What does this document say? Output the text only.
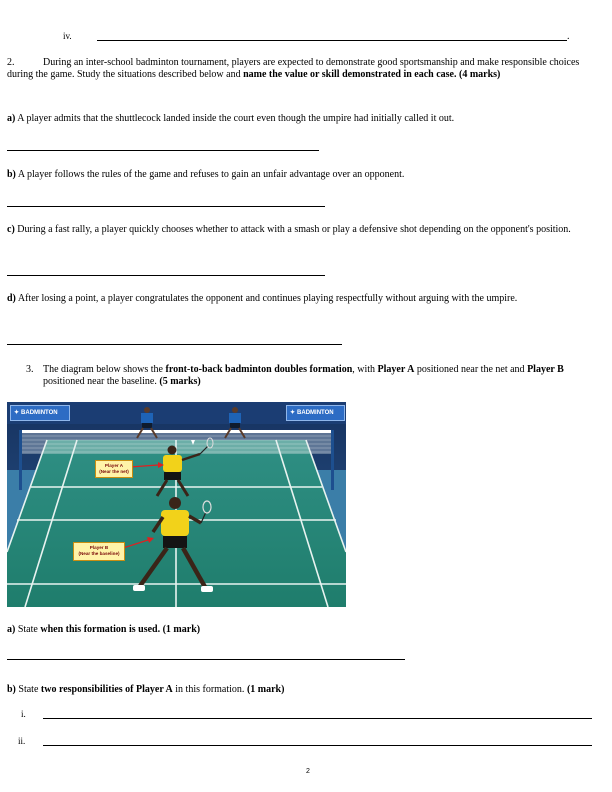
iv.	.
2.	During an inter-school badminton tournament, players are expected to demonstrate good sportsmanship and make responsible choices during the game. Study the situations described below and name the value or skill demonstrated in each case. (4 marks)
a) A player admits that the shuttlecock landed inside the court even though the umpire had initially called it out.
b) A player follows the rules of the game and refuses to gain an unfair advantage over an opponent.
c) During a fast rally, a player quickly chooses whether to attack with a smash or play a defensive shot depending on the opponent's position.
d) After losing a point, a player congratulates the opponent and continues playing respectfully without arguing with the umpire.
3. The diagram below shows the front-to-back badminton doubles formation, with Player A positioned near the net and Player B positioned near the baseline. (5 marks)
✦ BADMINTON	✦ BADMINTON
Player A
(Near the net)
Player B
(Near the baseline)
a) State when this formation is used. (1 mark)
b) State two responsibilities of Player A in this formation. (1 mark)
i.
ii.
2
